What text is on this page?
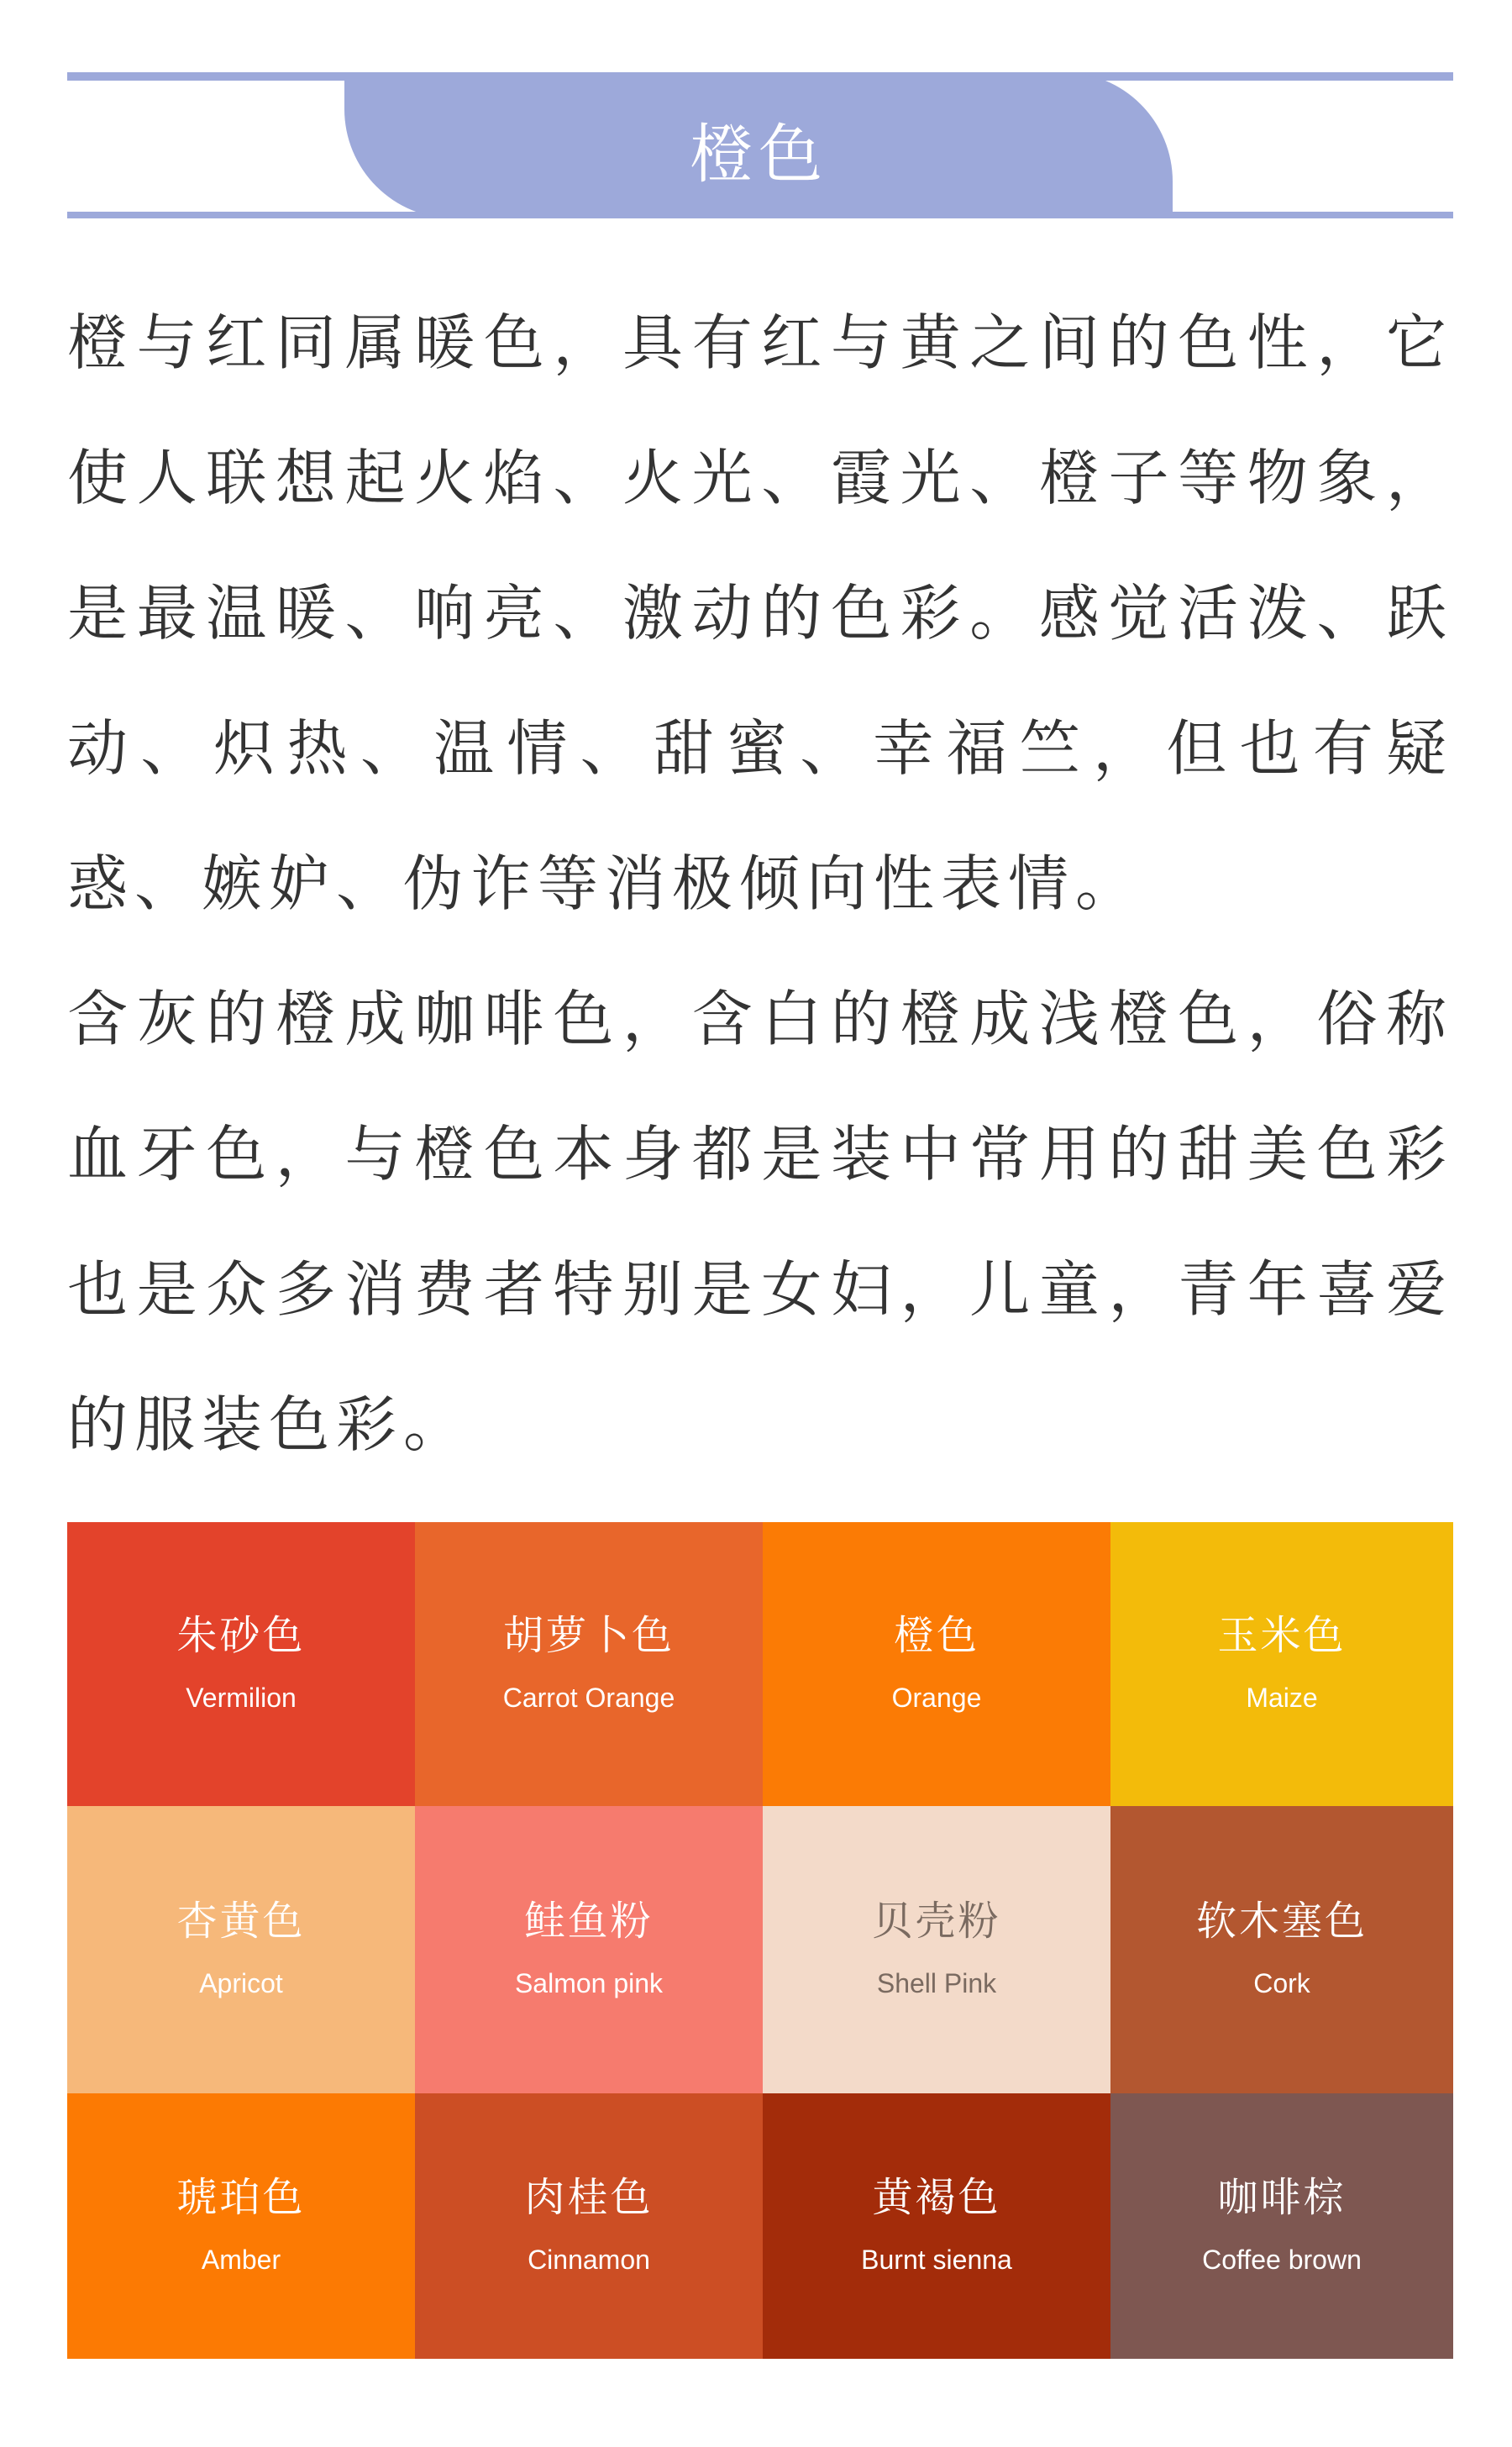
橙色

橙与红同属暖色，具有红与黄之间的色性，它使人联想起火焰、火光、霞光、橙子等物象，是最温暖、响亮、激动的色彩。感觉活泼、跃动、炽热、温情、甜蜜、幸福竺，但也有疑惑、嫉妒、伪诈等消极倾向性表情。

含灰的橙成咖啡色，含白的橙成浅橙色，俗称血牙色，与橙色本身都是装中常用的甜美色彩也是众多消费者特别是女妇，儿童，青年喜爱的服装色彩。

朱砂色
Vermilion
胡萝卜色
Carrot Orange
橙色
Orange
玉米色
Maize
杏黄色
Apricot
鲑鱼粉
Salmon pink
贝壳粉
Shell Pink
软木塞色
Cork
琥珀色
Amber
肉桂色
Cinnamon
黄褐色
Burnt sienna
咖啡棕
Coffee brown
